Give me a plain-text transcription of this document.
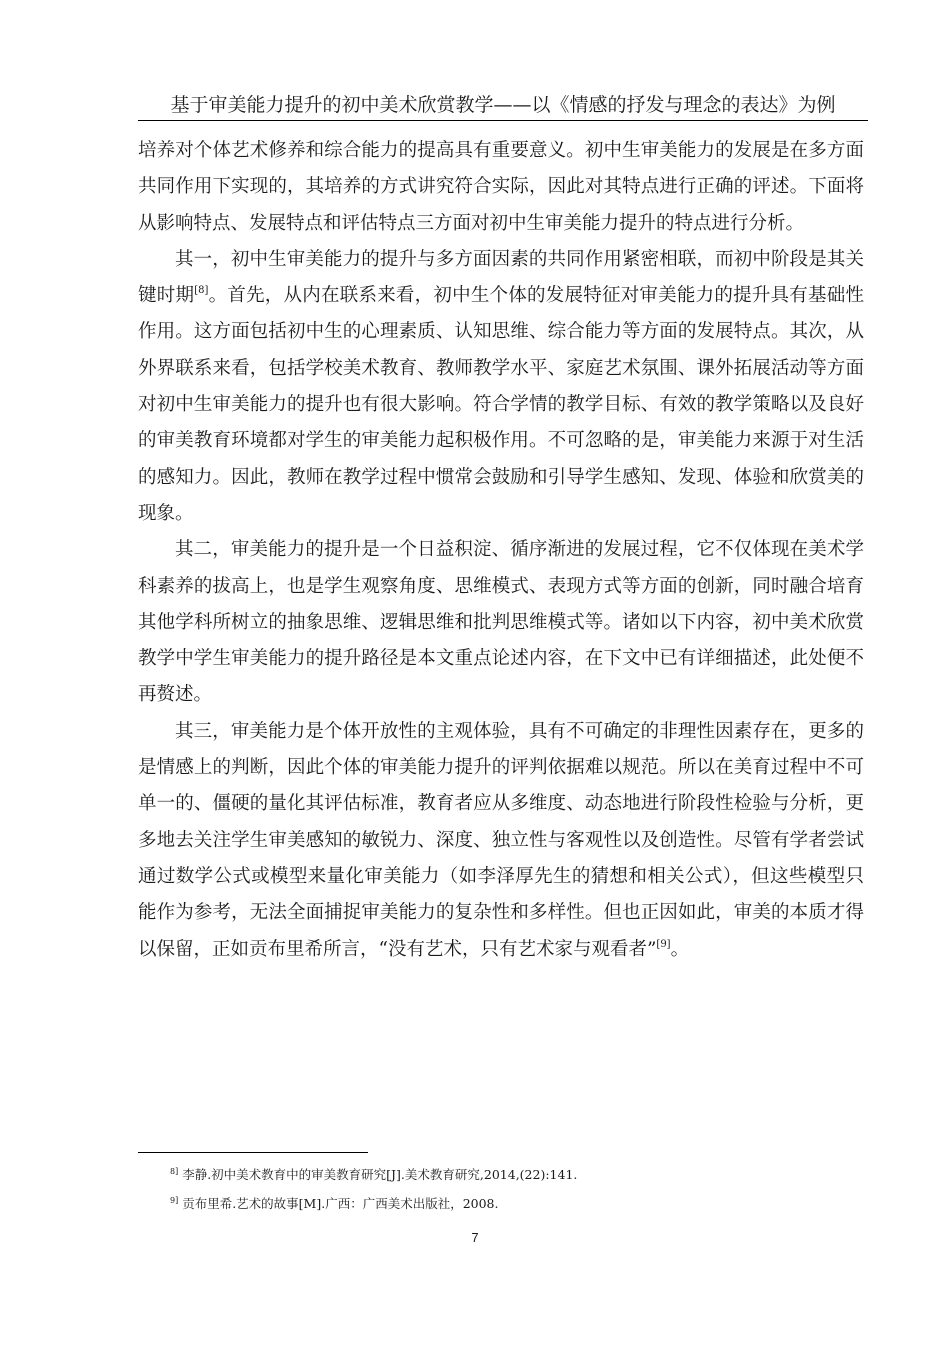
基于审美能力提升的初中美术欣赏教学——以《情感的抒发与理念的表达》为例

培养对个体艺术修养和综合能力的提高具有重要意义。初中生审美能力的发展是在多方面共同作用下实现的，其培养的方式讲究符合实际，因此对其特点进行正确的评述。下面将从影响特点、发展特点和评估特点三方面对初中生审美能力提升的特点进行分析。

其一，初中生审美能力的提升与多方面因素的共同作用紧密相联，而初中阶段是其关键时期[8]。首先，从内在联系来看，初中生个体的发展特征对审美能力的提升具有基础性作用。这方面包括初中生的心理素质、认知思维、综合能力等方面的发展特点。其次，从外界联系来看，包括学校美术教育、教师教学水平、家庭艺术氛围、课外拓展活动等方面对初中生审美能力的提升也有很大影响。符合学情的教学目标、有效的教学策略以及良好的审美教育环境都对学生的审美能力起积极作用。不可忽略的是，审美能力来源于对生活的感知力。因此，教师在教学过程中惯常会鼓励和引导学生感知、发现、体验和欣赏美的现象。

其二，审美能力的提升是一个日益积淀、循序渐进的发展过程，它不仅体现在美术学科素养的拔高上，也是学生观察角度、思维模式、表现方式等方面的创新，同时融合培育其他学科所树立的抽象思维、逻辑思维和批判思维模式等。诸如以下内容，初中美术欣赏教学中学生审美能力的提升路径是本文重点论述内容，在下文中已有详细描述，此处便不再赘述。

其三，审美能力是个体开放性的主观体验，具有不可确定的非理性因素存在，更多的是情感上的判断，因此个体的审美能力提升的评判依据难以规范。所以在美育过程中不可单一的、僵硬的量化其评估标准，教育者应从多维度、动态地进行阶段性检验与分析，更多地去关注学生审美感知的敏锐力、深度、独立性与客观性以及创造性。尽管有学者尝试通过数学公式或模型来量化审美能力（如李泽厚先生的猜想和相关公式），但这些模型只能作为参考，无法全面捕捉审美能力的复杂性和多样性。但也正因如此，审美的本质才得以保留，正如贡布里希所言，“没有艺术，只有艺术家与观看者”[9]。

$^{8]}$ 李静.初中美术教育中的审美教育研究[J].美术教育研究,2014,(22):141.
$^{9]}$ 贡布里希.艺术的故事[M].广西：广西美术出版社，2008.
7
